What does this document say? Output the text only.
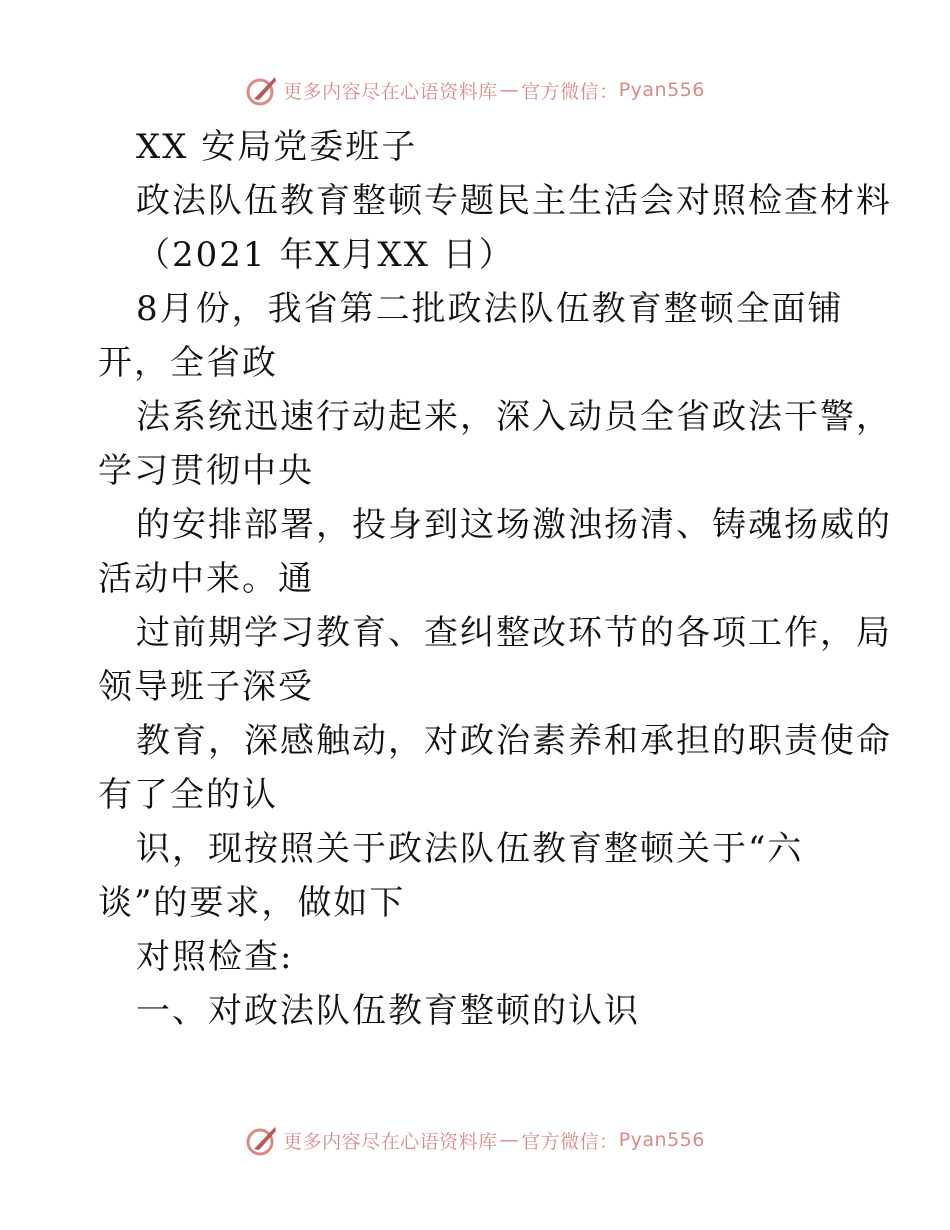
更多内容尽在心语资料库 — 官方微信： Pyan556
XX 安局党委班子
政法队伍教育整顿专题民主生活会对照检查材料
（2021 年X月XX 日）
8月份，我省第二批政法队伍教育整顿全面铺
开，全省政
法系统迅速行动起来，深入动员全省政法干警，
学习贯彻中央
的安排部署，投身到这场激浊扬清、铸魂扬威的
活动中来。通
过前期学习教育、查纠整改环节的各项工作，局
领导班子深受
教育，深感触动，对政治素养和承担的职责使命
有了全的认
识，现按照关于政法队伍教育整顿关于“六
谈”的要求，做如下
对照检查:
一、对政法队伍教育整顿的认识
更多内容尽在心语资料库 — 官方微信： Pyan556
